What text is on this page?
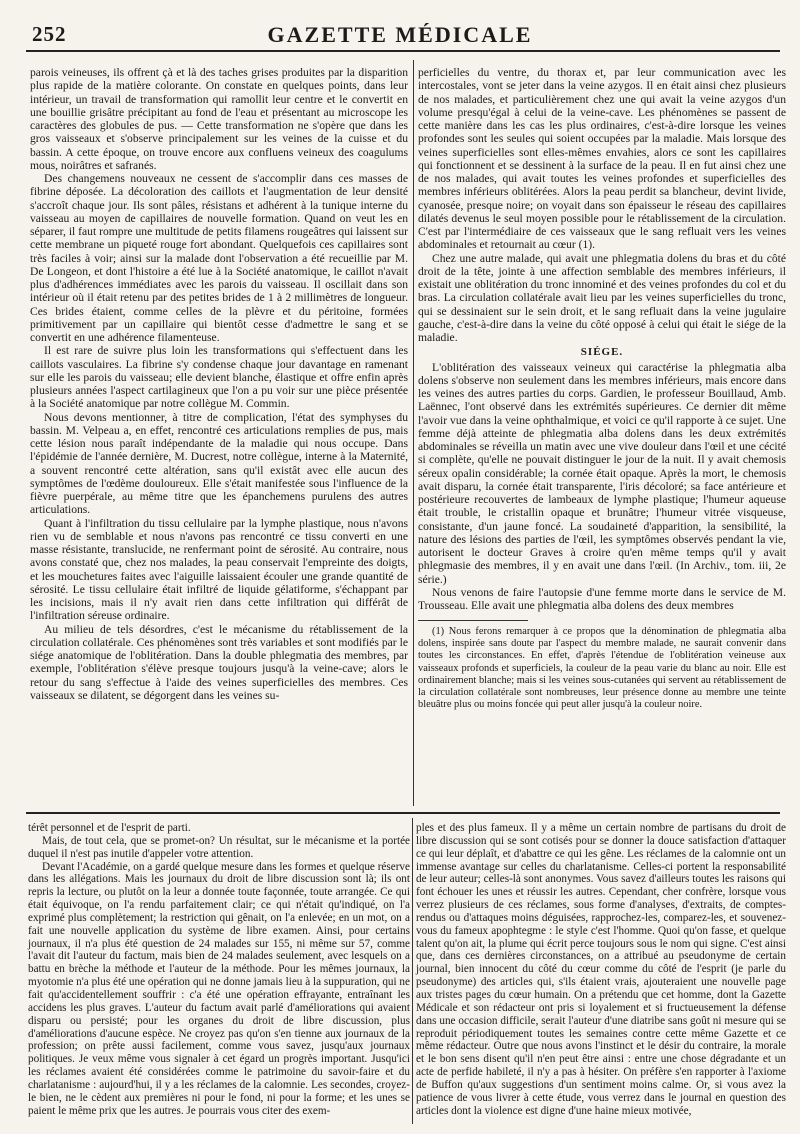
252	GAZETTE MÉDICALE

parois veineuses, ils offrent çà et là des taches grises produites par la disparition plus rapide de la matière colorante. On constate en quelques points, dans leur intérieur, un travail de transformation qui ramollit leur centre et le convertit en une bouillie grisâtre précipitant au fond de l'eau et présentant au microscope les caractères des globules de pus. — Cette transformation ne s'opère que dans les gros vaisseaux et s'observe principalement sur les veines de la cuisse et du bassin. A cette époque, on trouve encore aux confluens veineux des coagulums mous, noirâtres et safranés.

Des changemens nouveaux ne cessent de s'accomplir dans ces masses de fibrine déposée. La décoloration des caillots et l'augmentation de leur densité s'accroît chaque jour. Ils sont pâles, résistans et adhérent à la tunique interne du vaisseau au moyen de capillaires de nouvelle formation. Quand on veut les en séparer, il faut rompre une multitude de petits filamens rougeâtres qui laissent sur cette membrane un piqueté rouge fort abondant. Quelquefois ces capillaires sont très faciles à voir; ainsi sur la malade dont l'observation a été recueillie par M. De Longeon, et dont l'histoire a été lue à la Société anatomique, le caillot n'avait plus d'adhérences immédiates avec les parois du vaisseau. Il oscillait dans son intérieur où il était retenu par des petites brides de 1 à 2 millimètres de longueur. Ces brides étaient, comme celles de la plèvre et du péritoine, formées primitivement par un capillaire qui bientôt cesse d'admettre le sang et se convertit en une adhérence filamenteuse.

Il est rare de suivre plus loin les transformations qui s'effectuent dans les caillots vasculaires. La fibrine s'y condense chaque jour davantage en ramenant sur elle les parois du vaisseau; elle devient blanche, élastique et offre enfin après plusieurs années l'aspect cartilagineux que l'on a pu voir sur une pièce présentée à la Société anatomique par notre collègue M. Commin.

Nous devons mentionner, à titre de complication, l'état des symphyses du bassin. M. Velpeau a, en effet, rencontré ces articulations remplies de pus, mais cette lésion nous paraît indépendante de la maladie qui nous occupe. Dans l'épidémie de l'année dernière, M. Ducrest, notre collègue, interne à la Maternité, a souvent rencontré cette altération, sans qu'il existât avec elle aucun des symptômes de l'œdème douloureux. Elle s'était manifestée sous l'influence de la fièvre puerpérale, au même titre que les épanchemens purulens des autres articulations.

Quant à l'infiltration du tissu cellulaire par la lymphe plastique, nous n'avons rien vu de semblable et nous n'avons pas rencontré ce tissu converti en une masse résistante, translucide, ne renfermant point de sérosité. Au contraire, nous avons constaté que, chez nos malades, la peau conservait l'empreinte des doigts, et les mouchetures faites avec l'aiguille laissaient écouler une grande quantité de sérosité. Le tissu cellulaire était infiltré de liquide gélatiforme, s'échappant par les incisions, mais il n'y avait rien dans cette infiltration qui différât de l'infiltration séreuse ordinaire.

Au milieu de tels désordres, c'est le mécanisme du rétablissement de la circulation collatérale. Ces phénomènes sont très variables et sont modifiés par le siége anatomique de l'oblitération. Dans la double phlegmatia des membres, par exemple, l'oblitération s'élève presque toujours jusqu'à la veine-cave; alors le retour du sang s'effectue à l'aide des veines superficielles des membres. Ces vaisseaux se dilatent, se dégorgent dans les veines su-

perficielles du ventre, du thorax et, par leur communication avec les intercostales, vont se jeter dans la veine azygos. Il en était ainsi chez plusieurs de nos malades, et particulièrement chez une qui avait la veine azygos d'un volume presqu'égal à celui de la veine-cave. Les phénomènes se passent de cette manière dans les cas les plus ordinaires, c'est-à-dire lorsque les veines profondes sont les seules qui soient occupées par la maladie. Mais lorsque des veines superficielles sont elles-mêmes envahies, alors ce sont les capillaires qui fonctionnent et se dessinent à la surface de la peau. Il en fut ainsi chez une de nos malades, qui avait toutes les veines profondes et superficielles des membres inférieurs oblitérées. Alors la peau perdit sa blancheur, devint livide, cyanosée, presque noire; on voyait dans son épaisseur le réseau des capillaires dilatés devenus le seul moyen possible pour le rétablissement de la circulation. C'est par l'intermédiaire de ces vaisseaux que le sang refluait vers les veines abdominales et retournait au cœur (1).

Chez une autre malade, qui avait une phlegmatia dolens du bras et du côté droit de la tête, jointe à une affection semblable des membres inférieurs, il existait une oblitération du tronc innominé et des veines profondes du col et du bras. La circulation collatérale avait lieu par les veines superficielles du tronc, qui se dessinaient sur le sein droit, et le sang refluait dans la veine jugulaire gauche, c'est-à-dire dans la veine du côté opposé à celui qui était le siége de la maladie.

SIÉGE.

L'oblitération des vaisseaux veineux qui caractérise la phlegmatia alba dolens s'observe non seulement dans les membres inférieurs, mais encore dans les veines des autres parties du corps. Gardien, le professeur Bouillaud, Amb. Laënnec, l'ont observé dans les extrémités supérieures. Ce dernier dit même l'avoir vue dans la veine ophthalmique, et voici ce qu'il rapporte à ce sujet. Une femme déjà atteinte de phlegmatia alba dolens dans les deux extrémités abdominales se réveilla un matin avec une vive douleur dans l'œil et une cécité si complète, qu'elle ne pouvait distinguer le jour de la nuit. Il y avait chemosis séreux opalin considérable; la cornée était opaque. Après la mort, le chemosis avait disparu, la cornée était transparente, l'iris décoloré; sa face antérieure et postérieure recouvertes de lambeaux de lymphe plastique; l'humeur aqueuse était trouble, le cristallin opaque et brunâtre; l'humeur vitrée visqueuse, consistante, d'un jaune foncé. La soudaineté d'apparition, la sensibilité, la nature des lésions des parties de l'œil, les symptômes observés pendant la vie, autorisent le docteur Graves à croire qu'en même temps qu'il y avait phlegmasie des membres, il y en avait une dans l'œil. (In Archiv., tom. iii, 2e série.)

Nous venons de faire l'autopsie d'une femme morte dans le service de M. Trousseau. Elle avait une phlegmatia alba dolens des deux membres

(1) Nous ferons remarquer à ce propos que la dénomination de phlegmatia alba dolens, inspirée sans doute par l'aspect du membre malade, ne saurait convenir dans toutes les circonstances. En effet, d'après l'étendue de l'oblitération veineuse aux vaisseaux profonds et superficiels, la couleur de la peau varie du blanc au noir. Elle est ordinairement blanche; mais si les veines sous-cutanées qui servent au rétablissement de la circulation collatérale sont nombreuses, leur présence donne au membre une teinte bleuâtre plus ou moins foncée qui peut aller jusqu'à la couleur noire.

térêt personnel et de l'esprit de parti.

Mais, de tout cela, que se promet-on? Un résultat, sur le mécanisme et la portée duquel il n'est pas inutile d'appeler votre attention.

Devant l'Académie, on a gardé quelque mesure dans les formes et quelque réserve dans les allégations. Mais les journaux du droit de libre discussion sont là; ils ont repris la lecture, ou plutôt on la leur a donnée toute façonnée, toute arrangée. Ce qui était équivoque, on l'a rendu parfaitement clair; ce qui n'était qu'indiqué, on l'a exprimé plus complètement; la restriction qui gênait, on l'a enlevée; en un mot, on a fait une nouvelle application du système de libre examen. Ainsi, pour certains journaux, il n'a plus été question de 24 malades sur 155, ni même sur 57, comme l'avait dit l'auteur du factum, mais bien de 24 malades seulement, avec lesquels on a battu en brèche la méthode et l'auteur de la méthode. Pour les mêmes journaux, la myotomie n'a plus été une opération qui ne donne jamais lieu à la suppuration, qui ne fait qu'accidentellement souffrir : c'a été une opération effrayante, entraînant les accidens les plus graves. L'auteur du factum avait parlé d'améliorations qui avaient disparu ou persisté; pour les organes du droit de libre discussion, plus d'améliorations d'aucune espèce. Ne croyez pas qu'on s'en tienne aux journaux de la profession; on prête aussi facilement, comme vous savez, jusqu'aux journaux politiques. Je veux même vous signaler à cet égard un progrès important. Jusqu'ici les réclames avaient été considérées comme le patrimoine du savoir-faire et du charlatanisme : aujourd'hui, il y a les réclames de la calomnie. Les secondes, croyez-le bien, ne le cèdent aux premières ni pour le fond, ni pour la forme; et les unes se paient le même prix que les autres. Je pourrais vous citer des exem-

ples et des plus fameux. Il y a même un certain nombre de partisans du droit de libre discussion qui se sont cotisés pour se donner la douce satisfaction d'attaquer ce qui leur déplaît, et d'abattre ce qui les gêne. Les réclames de la calomnie ont un immense avantage sur celles du charlatanisme. Celles-ci portent la responsabilité de leur auteur; celles-là sont anonymes. Vous savez d'ailleurs toutes les raisons qui font échouer les unes et réussir les autres. Cependant, cher confrère, lorsque vous verrez plusieurs de ces réclames, sous forme d'analyses, d'extraits, de comptes-rendus ou d'attaques moins déguisées, rapprochez-les, comparez-les, et souvenez-vous du fameux apophtegme : le style c'est l'homme. Quoi qu'on fasse, et quelque talent qu'on ait, la plume qui écrit perce toujours sous le nom qui signe. C'est ainsi que, dans ces dernières circonstances, on a attribué au pseudonyme de certain journal, bien innocent du côté du cœur comme du côté de l'esprit (je parle du pseudonyme) des articles qui, s'ils étaient vrais, ajouteraient une nouvelle page aux tristes pages du cœur humain. On a prétendu que cet homme, dont la Gazette Médicale et son rédacteur ont pris si loyalement et si fructueusement la défense dans une occasion difficile, serait l'auteur d'une diatribe sans goût ni mesure qui se reproduit périodiquement toutes les semaines contre cette même Gazette et ce même rédacteur. Outre que nous avons l'instinct et le désir du contraire, la morale et le bon sens disent qu'il n'en peut être ainsi : entre une chose dégradante et un acte de perfide habileté, il n'y a pas à hésiter. On préfère s'en rapporter à l'axiome de Buffon qu'aux suggestions d'un sentiment moins calme. Or, si vous avez la patience de vous livrer à cette étude, vous verrez dans le journal en question des articles dont la violence est digne d'une haine mieux motivée,
